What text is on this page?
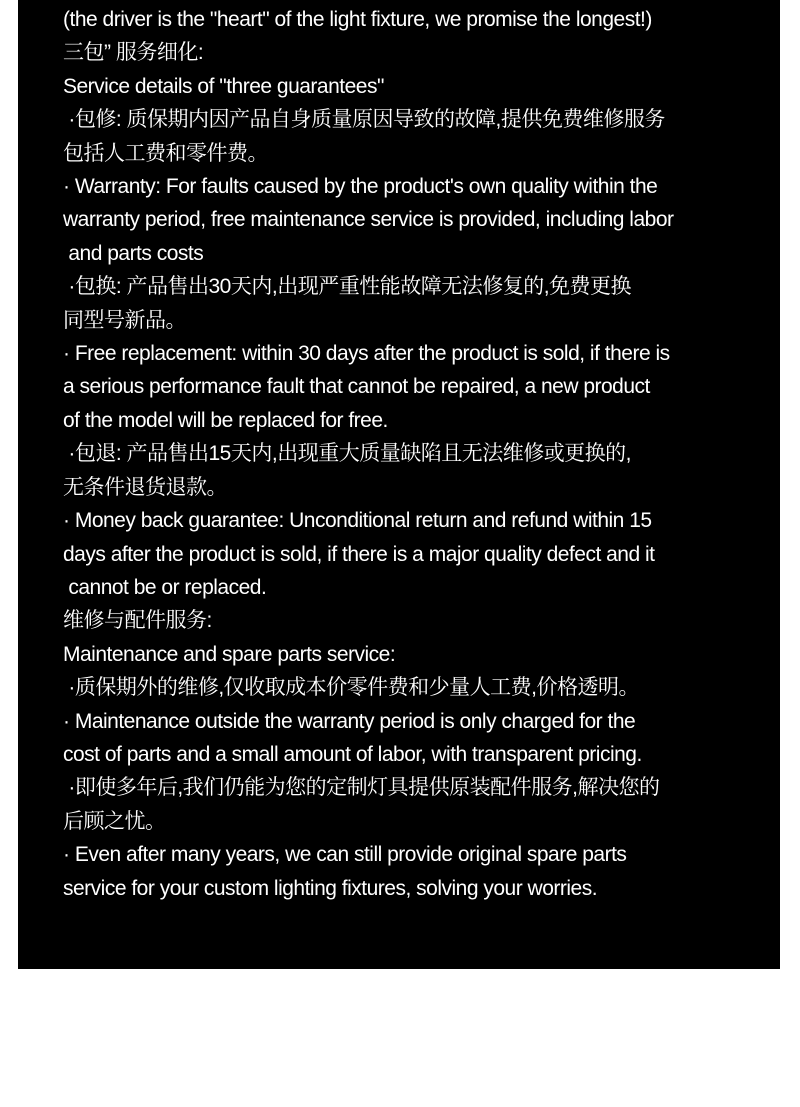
(the driver is the "heart" of the light fixture, we promise the longest!)
三包” 服务细化:
Service details of "three guarantees"
·包修: 质保期内因产品自身质量原因导致的故障,提供免费维修服务
包括人工费和零件费。
· Warranty: For faults caused by the product's own quality within the
warranty period, free maintenance service is provided, including labor
and parts costs
·包换: 产品售出30天内,出现严重性能故障无法修复的,免费更换
同型号新品。
· Free replacement: within 30 days after the product is sold, if there is
a serious performance fault that cannot be repaired, a new product
of the model will be replaced for free.
·包退: 产品售出15天内,出现重大质量缺陷且无法维修或更换的,
无条件退货退款。
· Money back guarantee: Unconditional return and refund within 15
days after the product is sold, if there is a major quality defect and it
cannot be or replaced.
维修与配件服务:
Maintenance and spare parts service:
·质保期外的维修,仅收取成本价零件费和少量人工费,价格透明。
· Maintenance outside the warranty period is only charged for the
cost of parts and a small amount of labor, with transparent pricing.
·即使多年后,我们仍能为您的定制灯具提供原装配件服务,解决您的
后顾之忧。
· Even after many years, we can still provide original spare parts
service for your custom lighting fixtures, solving your worries.
